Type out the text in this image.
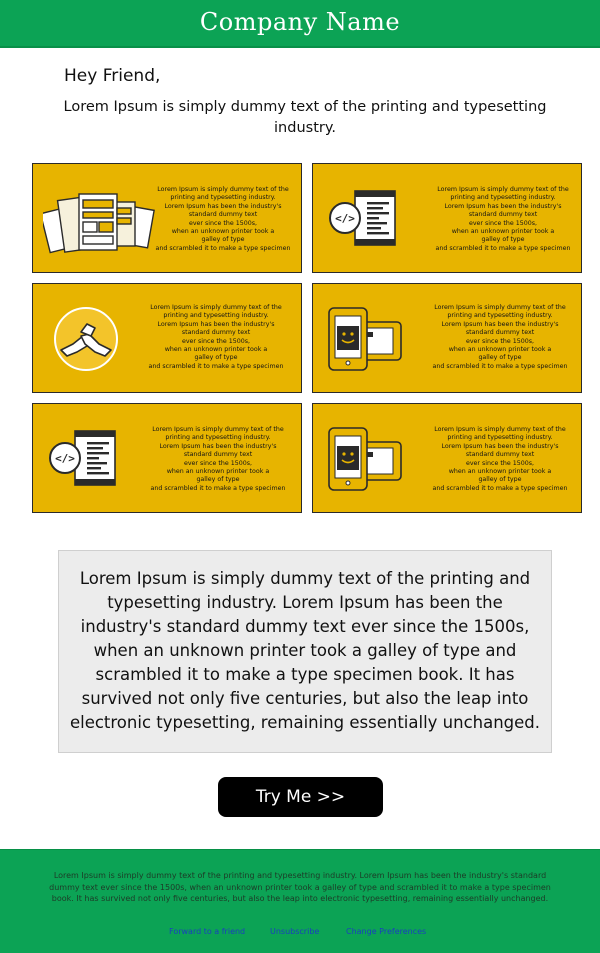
Company Name
Hey Friend,
Lorem Ipsum is simply dummy text of the printing and typesetting industry.
Lorem Ipsum is simply dummy text of the
printing and typesetting industry.
Lorem Ipsum has been the industry's
standard dummy text
ever since the 1500s,
when an unknown printer took a
galley of type
and scrambled it to make a type specimen
</>
Lorem Ipsum is simply dummy text of the
printing and typesetting industry.
Lorem Ipsum has been the industry's
standard dummy text
ever since the 1500s,
when an unknown printer took a
galley of type
and scrambled it to make a type specimen
Lorem Ipsum is simply dummy text of the
printing and typesetting industry.
Lorem Ipsum has been the industry's
standard dummy text
ever since the 1500s,
when an unknown printer took a
galley of type
and scrambled it to make a type specimen
Lorem Ipsum is simply dummy text of the
printing and typesetting industry.
Lorem Ipsum has been the industry's
standard dummy text
ever since the 1500s,
when an unknown printer took a
galley of type
and scrambled it to make a type specimen
</>
Lorem Ipsum is simply dummy text of the
printing and typesetting industry.
Lorem Ipsum has been the industry's
standard dummy text
ever since the 1500s,
when an unknown printer took a
galley of type
and scrambled it to make a type specimen
Lorem Ipsum is simply dummy text of the
printing and typesetting industry.
Lorem Ipsum has been the industry's
standard dummy text
ever since the 1500s,
when an unknown printer took a
galley of type
and scrambled it to make a type specimen

Lorem Ipsum is simply dummy text of the printing and typesetting industry. Lorem Ipsum has been the industry's standard dummy text ever since the 1500s, when an unknown printer took a galley of type and scrambled it to make a type specimen book. It has survived not only five centuries, but also the leap into electronic typesetting, remaining essentially unchanged.

Try Me >>
Lorem Ipsum is simply dummy text of the printing and typesetting industry. Lorem Ipsum has been the industry's standard dummy text ever since the 1500s, when an unknown printer took a galley of type and scrambled it to make a type specimen book. It has survived not only five centuries, but also the leap into electronic typesetting, remaining essentially unchanged.
Forward to a friend	Unsubscribe	Change Preferences
